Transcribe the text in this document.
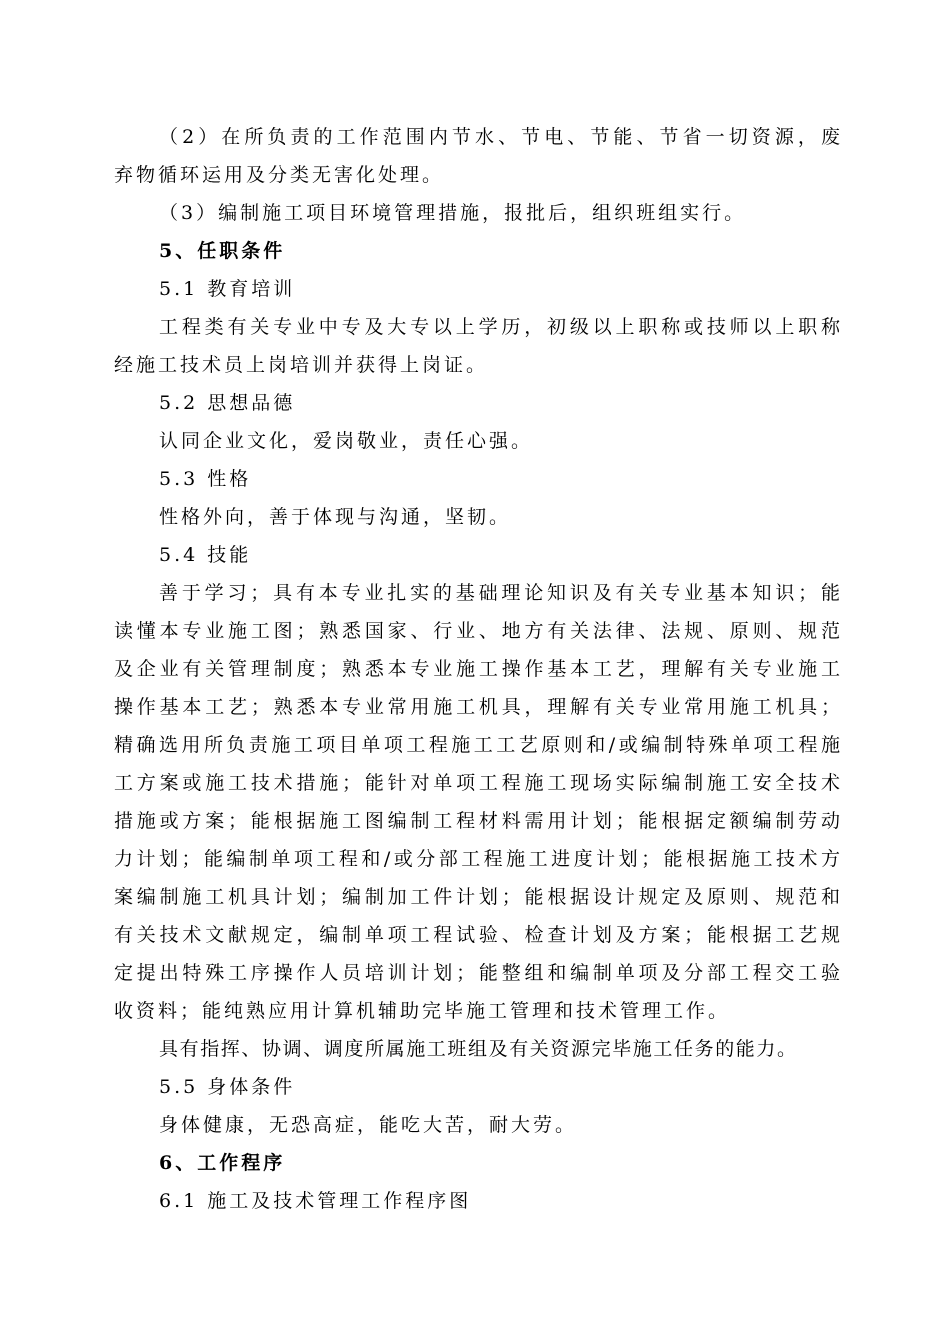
（2）在所负责的工作范围内节水、节电、节能、节省一切资源，废
弃物循环运用及分类无害化处理。
（3）编制施工项目环境管理措施，报批后，组织班组实行。
5、任职条件
5.1 教育培训
工程类有关专业中专及大专以上学历，初级以上职称或技师以上职称
经施工技术员上岗培训并获得上岗证。
5.2 思想品德
认同企业文化，爱岗敬业，责任心强。
5.3 性格
性格外向，善于体现与沟通，坚韧。
5.4 技能
善于学习；具有本专业扎实的基础理论知识及有关专业基本知识；能
读懂本专业施工图；熟悉国家、行业、地方有关法律、法规、原则、规范
及企业有关管理制度；熟悉本专业施工操作基本工艺，理解有关专业施工
操作基本工艺；熟悉本专业常用施工机具，理解有关专业常用施工机具；
精确选用所负责施工项目单项工程施工工艺原则和/或编制特殊单项工程施
工方案或施工技术措施；能针对单项工程施工现场实际编制施工安全技术
措施或方案；能根据施工图编制工程材料需用计划；能根据定额编制劳动
力计划；能编制单项工程和/或分部工程施工进度计划；能根据施工技术方
案编制施工机具计划；编制加工件计划；能根据设计规定及原则、规范和
有关技术文献规定，编制单项工程试验、检查计划及方案；能根据工艺规
定提出特殊工序操作人员培训计划；能整组和编制单项及分部工程交工验
收资料；能纯熟应用计算机辅助完毕施工管理和技术管理工作。
具有指挥、协调、调度所属施工班组及有关资源完毕施工任务的能力。
5.5 身体条件
身体健康，无恐高症，能吃大苦，耐大劳。
6、工作程序
6.1 施工及技术管理工作程序图
